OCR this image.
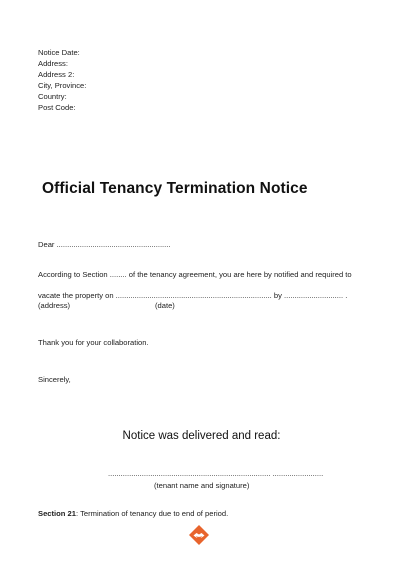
Notice Date:
Address:
Address 2:
City, Province:
Country:
Post Code:
Official Tenancy Termination Notice
Dear ......................................................
According to Section ........ of the tenancy agreement, you are here by notified and required to
vacate the property on .......................................................................... by ............................ .
(address)	(date)
Thank you for your collaboration.
Sincerely,
Notice was delivered and read:
............................................................................. ........................
(tenant name and signature)
Section 21: Termination of tenancy due to end of period.
